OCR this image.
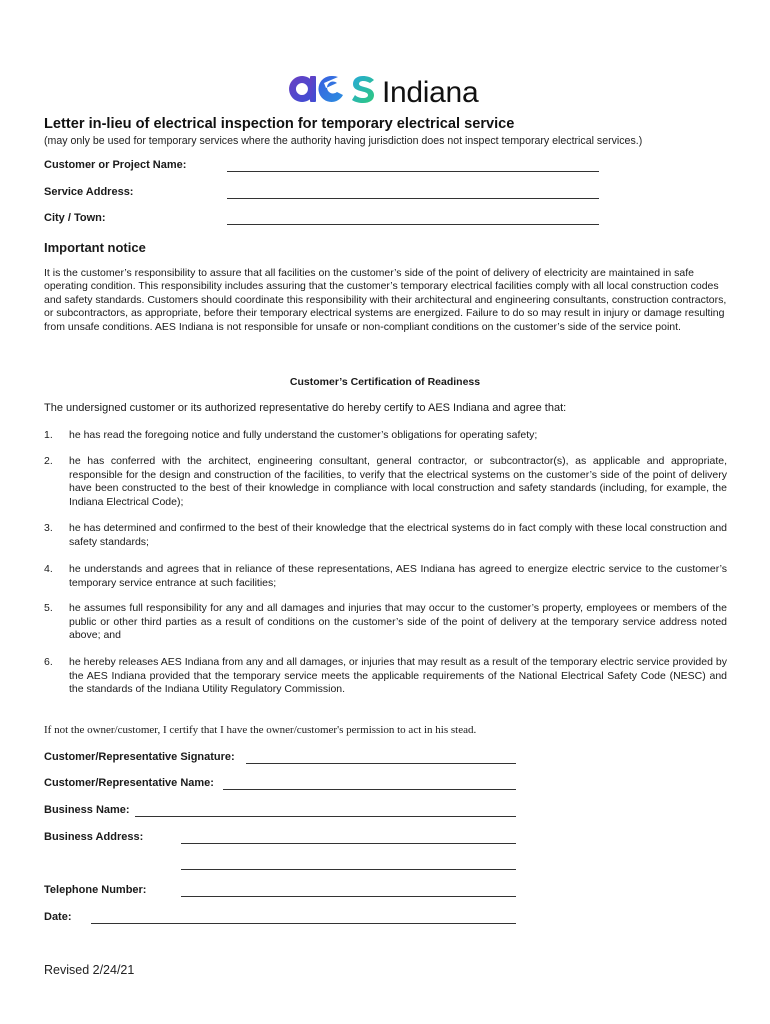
Indiana
Letter in-lieu of electrical inspection for temporary electrical service
(may only be used for temporary services where the authority having jurisdiction does not inspect temporary electrical services.)
Customer or Project Name:
Service Address:
City / Town:
Important notice
It is the customer’s responsibility to assure that all facilities on the customer’s side of the point of delivery of electricity are maintained in safe operating condition. This responsibility includes assuring that the customer’s temporary electrical facilities comply with all local construction codes and safety standards. Customers should coordinate this responsibility with their architectural and engineering consultants, construction contractors, or subcontractors, as appropriate, before their temporary electrical systems are energized. Failure to do so may result in injury or damage resulting from unsafe conditions. AES Indiana is not responsible for unsafe or non-compliant conditions on the customer’s side of the service point.
Customer’s Certification of Readiness
The undersigned customer or its authorized representative do hereby certify to AES Indiana and agree that:
1.	he has read the foregoing notice and fully understand the customer’s obligations for operating safety;
2.	he has conferred with the architect, engineering consultant, general contractor, or subcontractor(s), as applicable and appropriate, responsible for the design and construction of the facilities, to verify that the electrical systems on the customer’s side of the point of delivery have been constructed to the best of their knowledge in compliance with local construction and safety standards (including, for example, the Indiana Electrical Code);
3.	he has determined and confirmed to the best of their knowledge that the electrical systems do in fact comply with these local construction and safety standards;
4.	he understands and agrees that in reliance of these representations, AES Indiana has agreed to energize electric service to the customer’s temporary service entrance at such facilities;
5.	he assumes full responsibility for any and all damages and injuries that may occur to the customer’s property, employees or members of the public or other third parties as a result of conditions on the customer’s side of the point of delivery at the temporary service address noted above; and
6.	he hereby releases AES Indiana from any and all damages, or injuries that may result as a result of the temporary electric service provided by the AES Indiana provided that the temporary service meets the applicable requirements of the National Electrical Safety Code (NESC) and the standards of the Indiana Utility Regulatory Commission.
If not the owner/customer, I certify that I have the owner/customer's permission to act in his stead.
Customer/Representative Signature:
Customer/Representative Name:
Business Name:
Business Address:
Telephone Number:
Date:
Revised 2/24/21
